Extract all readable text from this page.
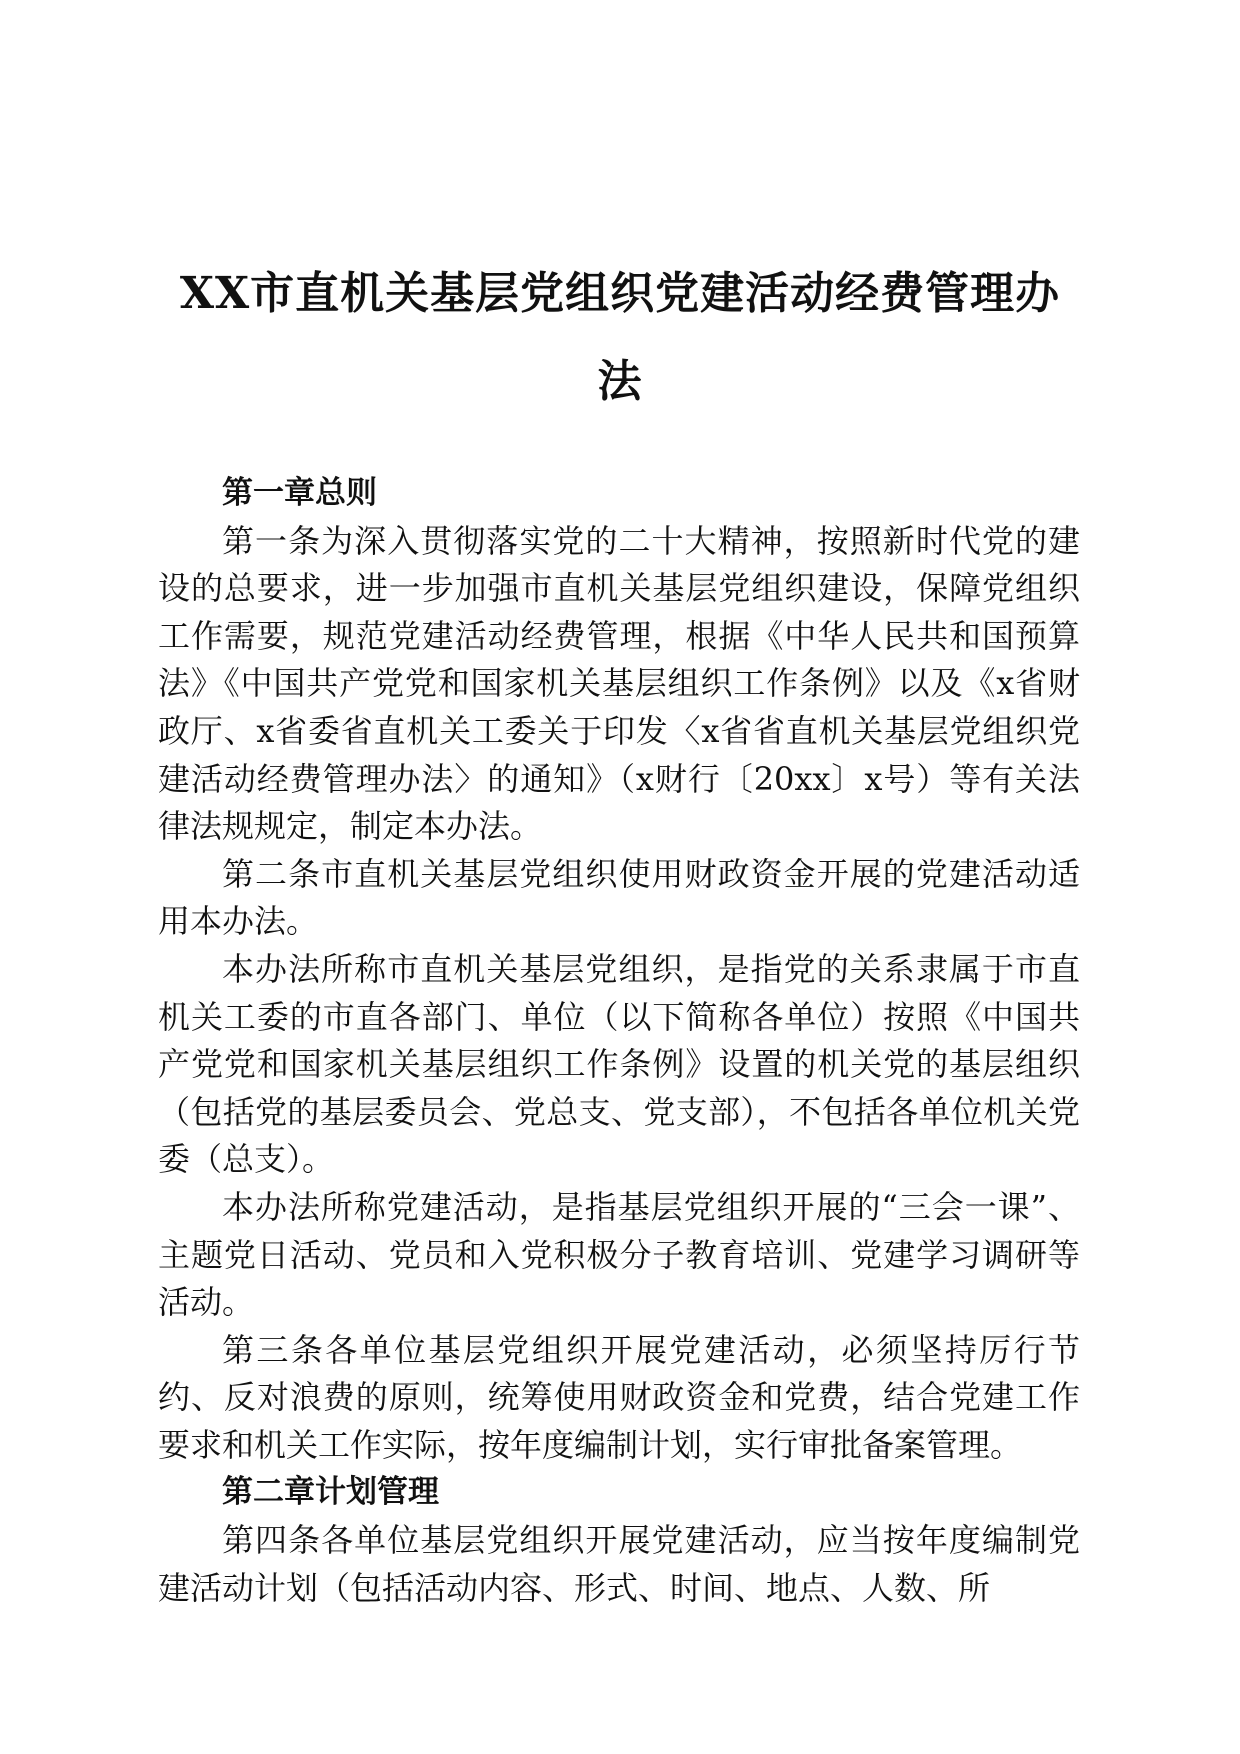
XX市直机关基层党组织党建活动经费管理办
法
第一章总则
第一条为深入贯彻落实党的二十大精神，按照新时代党的建设的总要求，进一步加强市直机关基层党组织建设，保障党组织工作需要，规范党建活动经费管理，根据《中华人民共和国预算法》《中国共产党党和国家机关基层组织工作条例》以及《x省财政厅、x省委省直机关工委关于印发〈x省省直机关基层党组织党建活动经费管理办法〉的通知》（x财行〔20xx〕x号）等有关法律法规规定，制定本办法。
第二条市直机关基层党组织使用财政资金开展的党建活动适用本办法。
本办法所称市直机关基层党组织，是指党的关系隶属于市直机关工委的市直各部门、单位（以下简称各单位）按照《中国共产党党和国家机关基层组织工作条例》设置的机关党的基层组织（包括党的基层委员会、党总支、党支部），不包括各单位机关党委（总支）。
本办法所称党建活动，是指基层党组织开展的“三会一课”、主题党日活动、党员和入党积极分子教育培训、党建学习调研等活动。
第三条各单位基层党组织开展党建活动，必须坚持厉行节约、反对浪费的原则，统筹使用财政资金和党费，结合党建工作要求和机关工作实际，按年度编制计划，实行审批备案管理。
第二章计划管理
第四条各单位基层党组织开展党建活动，应当按年度编制党建活动计划（包括活动内容、形式、时间、地点、人数、所
